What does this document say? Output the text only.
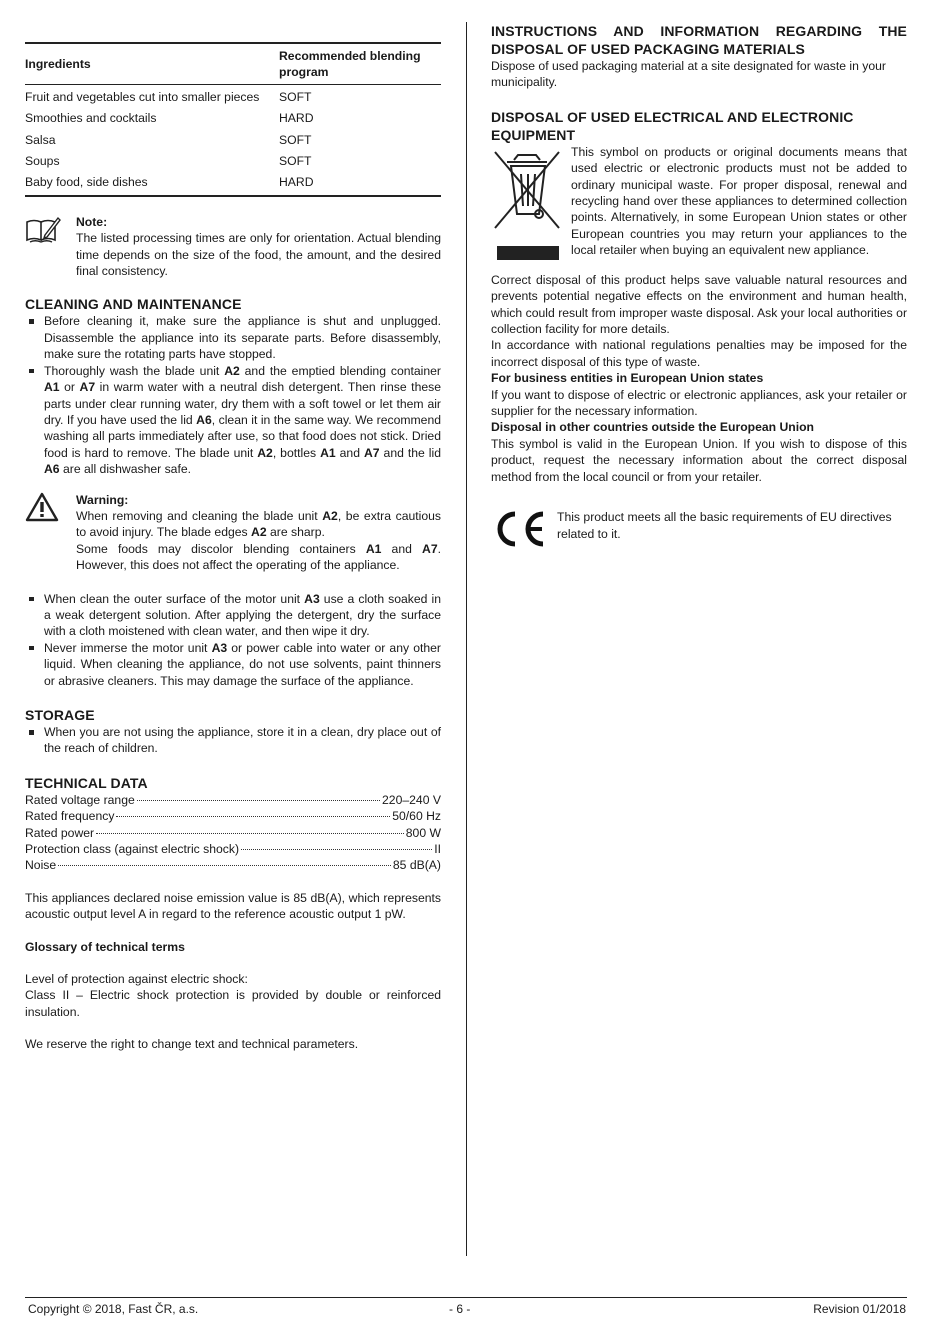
Ingredients	Recommended blending program
Fruit and vegetables cut into smaller pieces	SOFT
Smoothies and cocktails	HARD
Salsa	SOFT
Soups	SOFT
Baby food, side dishes	HARD
Note:
The listed processing times are only for orientation. Actual blending time depends on the size of the food, the amount, and the desired final consistency.
CLEANING AND MAINTENANCE
Before cleaning it, make sure the appliance is shut and unplugged. Disassemble the appliance into its separate parts. Before disassembly, make sure the rotating parts have stopped.
Thoroughly wash the blade unit A2 and the emptied blending container A1 or A7 in warm water with a neutral dish detergent. Then rinse these parts under clear running water, dry them with a soft towel or let them air dry. If you have used the lid A6, clean it in the same way. We recommend washing all parts immediately after use, so that food does not stick. Dried food is hard to remove. The blade unit A2, bottles A1 and A7 and the lid A6 are all dishwasher safe.
Warning:
When removing and cleaning the blade unit A2, be extra cautious to avoid injury. The blade edges A2 are sharp.
Some foods may discolor blending containers A1 and A7. However, this does not affect the operating of the appliance.
When clean the outer surface of the motor unit A3 use a cloth soaked in a weak detergent solution. After applying the detergent, dry the surface with a cloth moistened with clean water, and then wipe it dry.
Never immerse the motor unit A3 or power cable into water or any other liquid. When cleaning the appliance, do not use solvents, paint thinners or abrasive cleaners. This may damage the surface of the appliance.
STORAGE
When you are not using the appliance, store it in a clean, dry place out of the reach of children.
TECHNICAL DATA
Rated voltage range	220–240 V
Rated frequency	50/60 Hz
Rated power	800 W
Protection class (against electric shock)	II
Noise	85 dB(A)

This appliances declared noise emission value is 85 dB(A), which represents acoustic output level A in regard to the reference acoustic output 1 pW.

Glossary of technical terms

Level of protection against electric shock:

Class II – Electric shock protection is provided by double or reinforced insulation.

We reserve the right to change text and technical parameters.

INSTRUCTIONS AND INFORMATION REGARDING THE DISPOSAL OF USED PACKAGING MATERIALS

Dispose of used packaging material at a site designated for waste in your municipality.

DISPOSAL OF USED ELECTRICAL AND ELECTRONIC EQUIPMENT
This symbol on products or original documents means that used electric or electronic products must not be added to ordinary municipal waste. For proper disposal, renewal and recycling hand over these appliances to determined collection points. Alternatively, in some European Union states or other European countries you may return your appliances to the local retailer when buying an equivalent new appliance.

Correct disposal of this product helps save valuable natural resources and prevents potential negative effects on the environment and human health, which could result from improper waste disposal. Ask your local authorities or collection facility for more details.

In accordance with national regulations penalties may be imposed for the incorrect disposal of this type of waste.

For business entities in European Union states

If you want to dispose of electric or electronic appliances, ask your retailer or supplier for the necessary information.

Disposal in other countries outside the European Union

This symbol is valid in the European Union. If you wish to dispose of this product, request the necessary information about the correct disposal method from the local council or from your retailer.

This product meets all the basic requirements of EU directives related to it.
Copyright © 2018, Fast ČR, a.s.	- 6 -	Revision 01/2018
